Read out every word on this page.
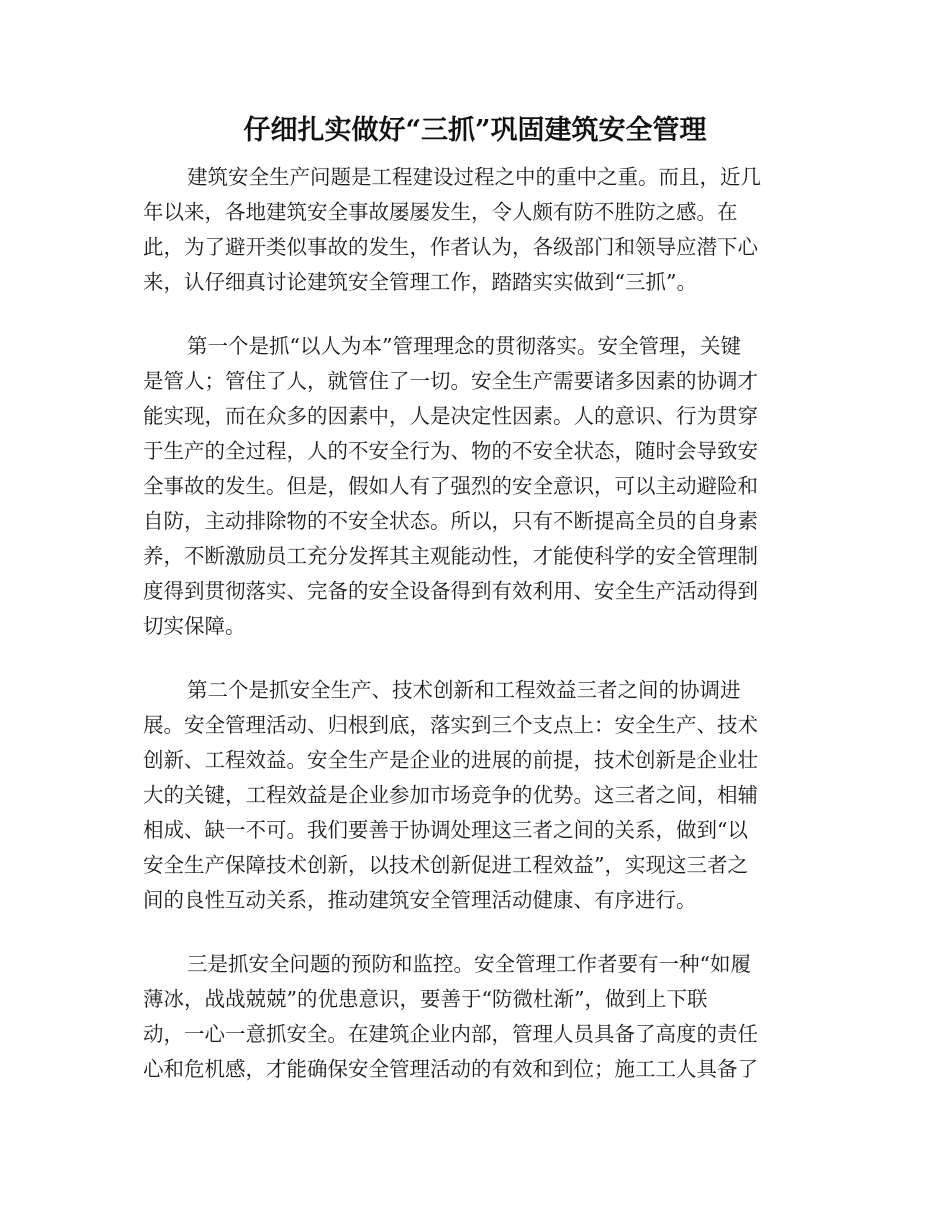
仔细扎实做好“三抓”巩固建筑安全管理
建筑安全生产问题是工程建设过程之中的重中之重。而且，近几
年以来，各地建筑安全事故屡屡发生，令人颇有防不胜防之感。在
此，为了避开类似事故的发生，作者认为，各级部门和领导应潜下心
来，认仔细真讨论建筑安全管理工作，踏踏实实做到“三抓”。
第一个是抓“以人为本”管理理念的贯彻落实。安全管理，关键
是管人；管住了人，就管住了一切。安全生产需要诸多因素的协调才
能实现，而在众多的因素中，人是决定性因素。人的意识、行为贯穿
于生产的全过程，人的不安全行为、物的不安全状态，随时会导致安
全事故的发生。但是，假如人有了强烈的安全意识，可以主动避险和
自防，主动排除物的不安全状态。所以，只有不断提高全员的自身素
养，不断激励员工充分发挥其主观能动性，才能使科学的安全管理制
度得到贯彻落实、完备的安全设备得到有效利用、安全生产活动得到
切实保障。
第二个是抓安全生产、技术创新和工程效益三者之间的协调进
展。安全管理活动、归根到底，落实到三个支点上：安全生产、技术
创新、工程效益。安全生产是企业的进展的前提，技术创新是企业壮
大的关键，工程效益是企业参加市场竞争的优势。这三者之间，相辅
相成、缺一不可。我们要善于协调处理这三者之间的关系，做到“以
安全生产保障技术创新，以技术创新促进工程效益”，实现这三者之
间的良性互动关系，推动建筑安全管理活动健康、有序进行。
三是抓安全问题的预防和监控。安全管理工作者要有一种“如履
薄冰，战战兢兢”的优患意识，要善于“防微杜渐”，做到上下联
动，一心一意抓安全。在建筑企业内部，管理人员具备了高度的责任
心和危机感，才能确保安全管理活动的有效和到位；施工工人具备了
